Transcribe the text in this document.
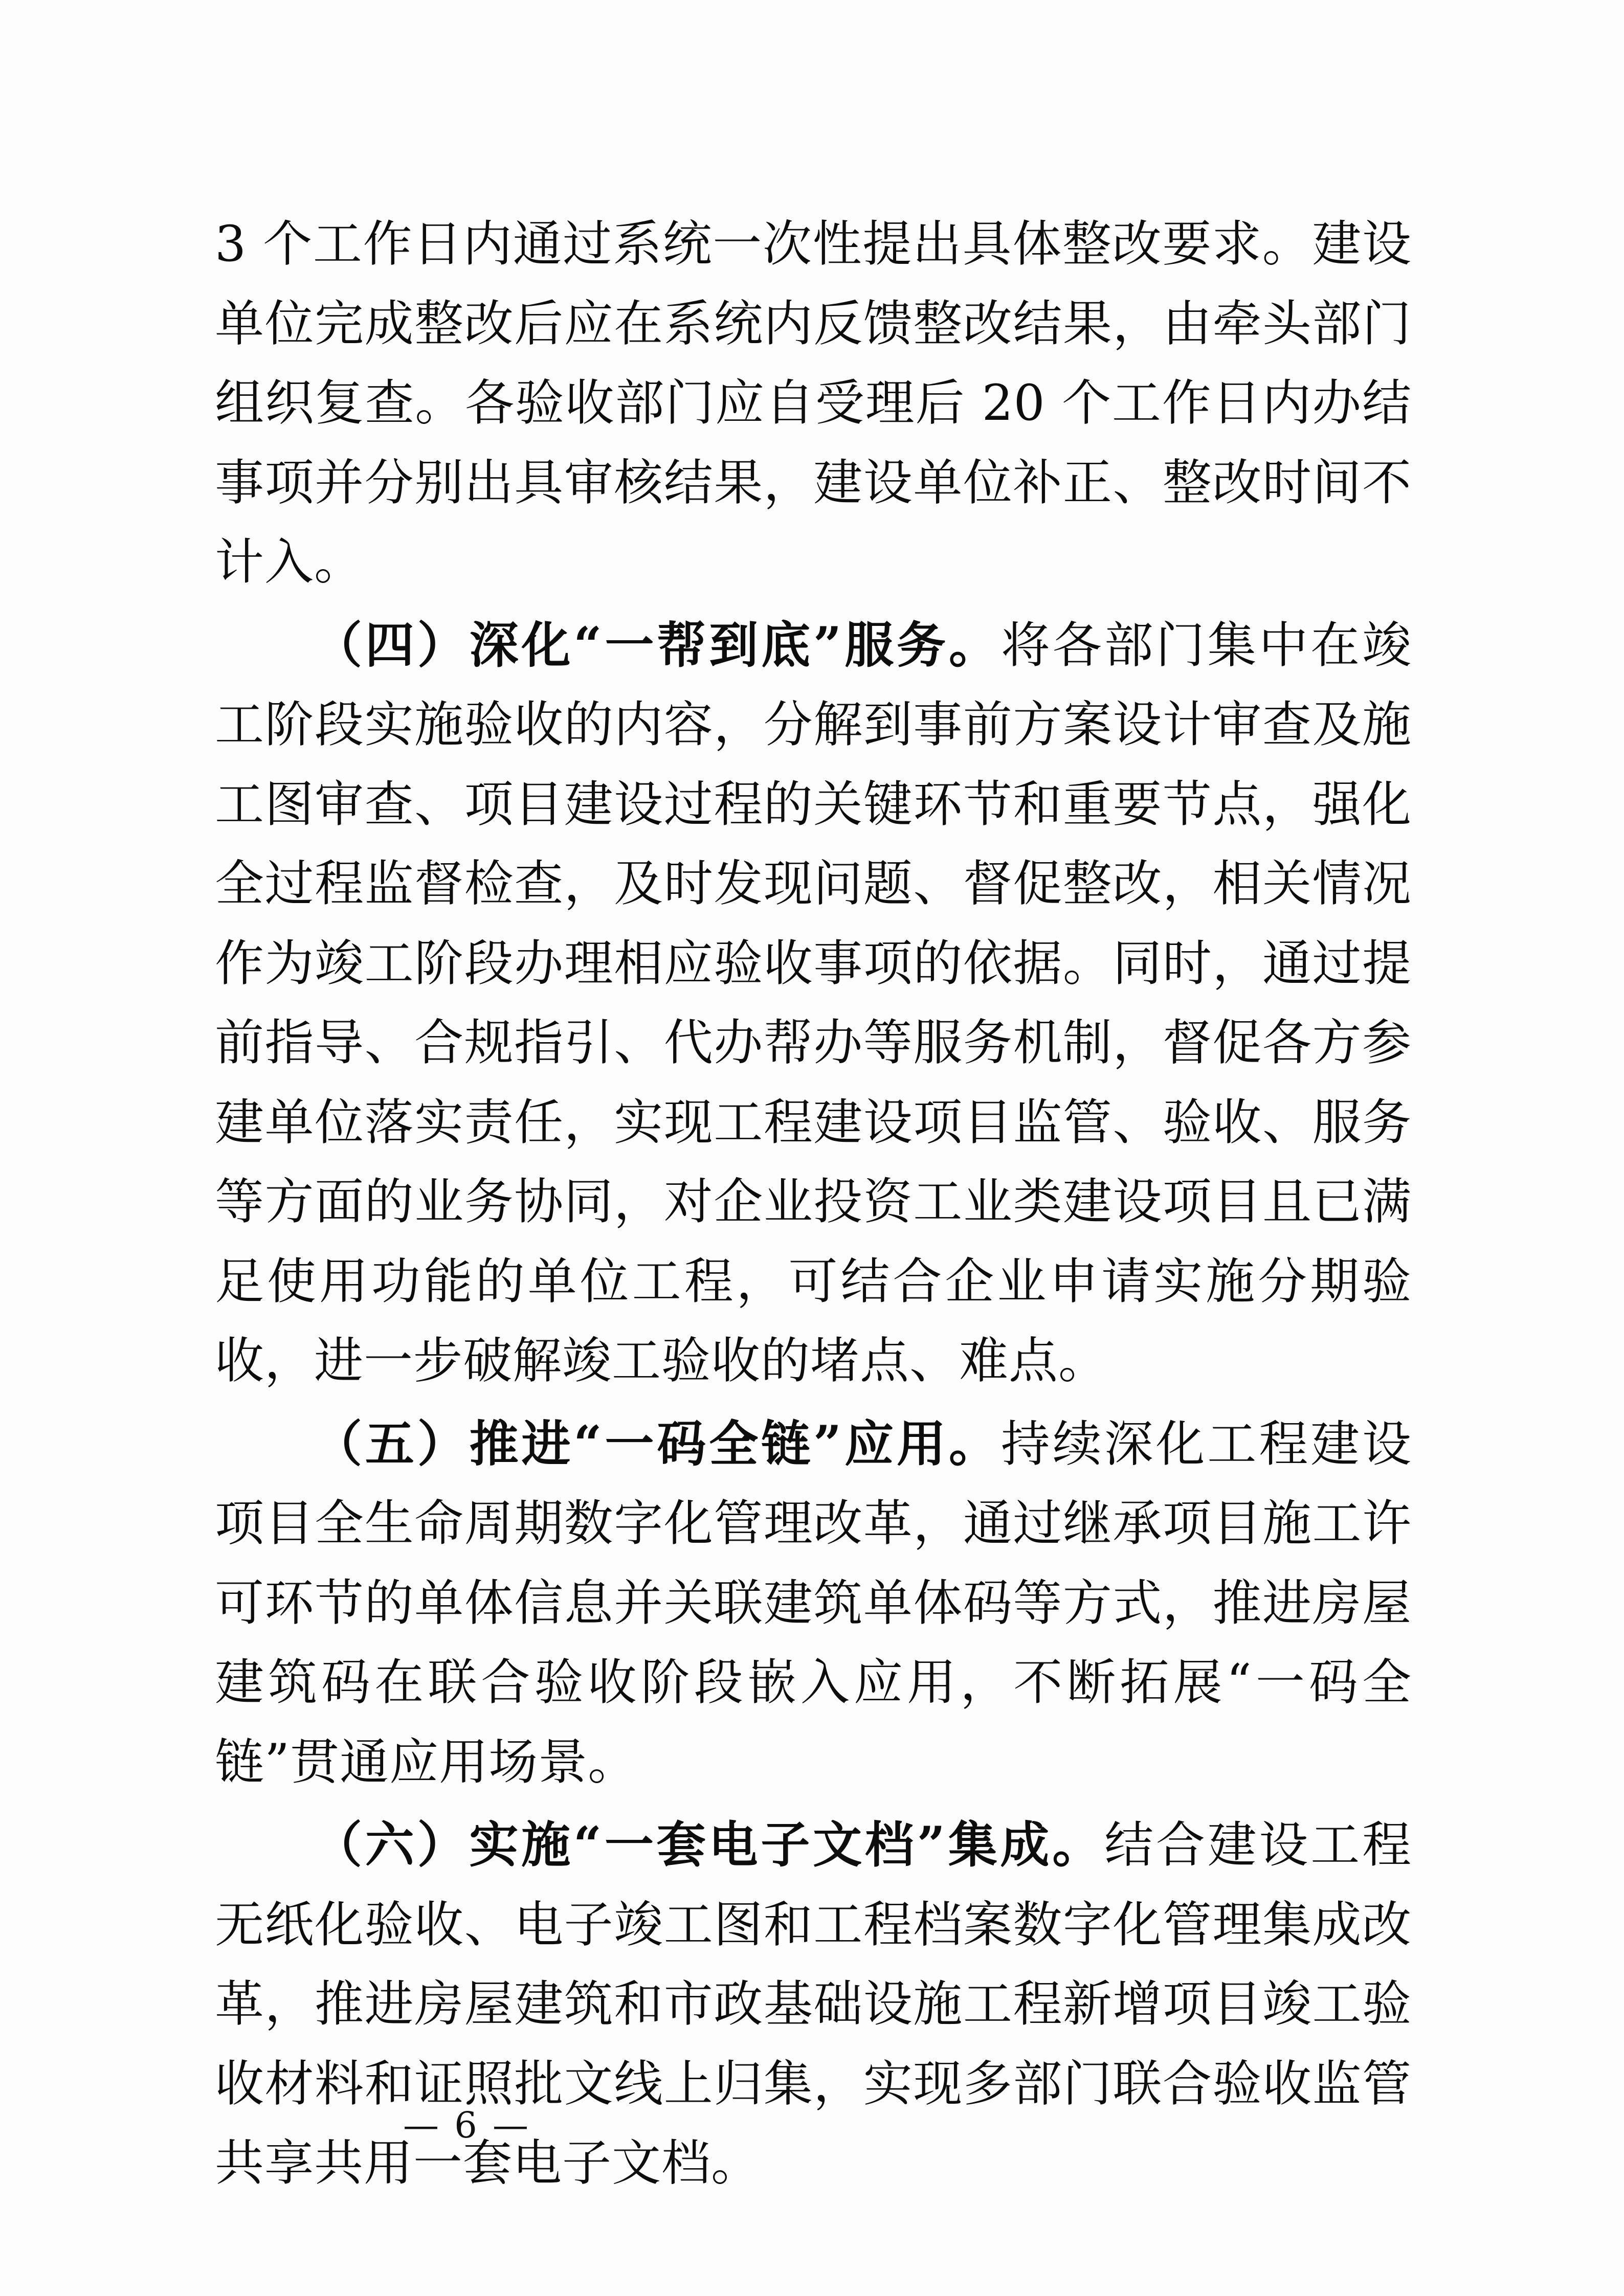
3 个工作日内通过系统一次性提出具体整改要求。建设单位完成整改后应在系统内反馈整改结果，由牵头部门组织复查。各验收部门应自受理后 20 个工作日内办结事项并分别出具审核结果，建设单位补正、整改时间不计入。

（四）深化“一帮到底”服务。将各部门集中在竣工阶段实施验收的内容，分解到事前方案设计审查及施工图审查、项目建设过程的关键环节和重要节点，强化全过程监督检查，及时发现问题、督促整改，相关情况作为竣工阶段办理相应验收事项的依据。同时，通过提前指导、合规指引、代办帮办等服务机制，督促各方参建单位落实责任，实现工程建设项目监管、验收、服务等方面的业务协同，对企业投资工业类建设项目且已满足使用功能的单位工程，可结合企业申请实施分期验收，进一步破解竣工验收的堵点、难点。

（五）推进“一码全链”应用。持续深化工程建设项目全生命周期数字化管理改革，通过继承项目施工许可环节的单体信息并关联建筑单体码等方式，推进房屋建筑码在联合验收阶段嵌入应用，不断拓展“一码全链”贯通应用场景。

（六）实施“一套电子文档”集成。结合建设工程无纸化验收、电子竣工图和工程档案数字化管理集成改革，推进房屋建筑和市政基础设施工程新增项目竣工验收材料和证照批文线上归集，实现多部门联合验收监管共享共用一套电子文档。

— 6 —
